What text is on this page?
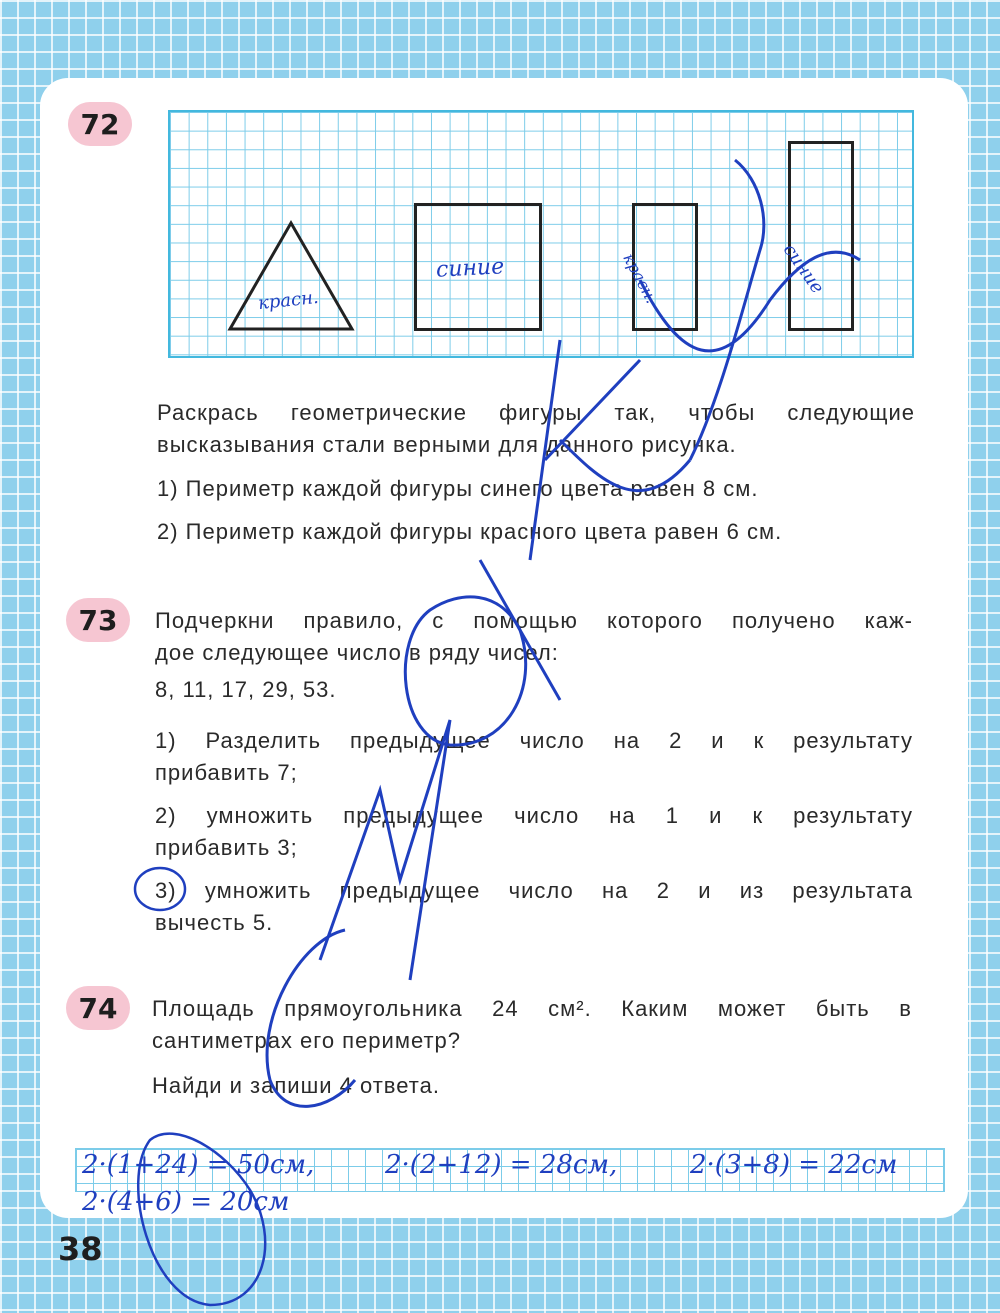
72
красн.
синие	красн.	синие
Раскрась геометрические фигуры так, чтобы следующие
высказывания стали верными для данного рисунка.
1) Периметр каждой фигуры синего цвета равен 8 см.
2) Периметр каждой фигуры красного цвета равен 6 см.
73	Подчеркни правило, с помощью которого получено каж-
дое следующее число в ряду чисел:
8, 11, 17, 29, 53.
1) Разделить предыдущее число на 2 и к результату
прибавить 7;
2) умножить предыдущее число на 1 и к результату
прибавить 3;
3) умножить предыдущее число на 2 и из результата
вычесть 5.
74	Площадь прямоугольника 24 см². Каким может быть в
сантиметрах его периметр?
Найди и запиши 4 ответа.
2·(1+24) = 50см,	2·(2+12) = 28см,	2·(3+8) = 22см
2·(4+6) = 20см
38
